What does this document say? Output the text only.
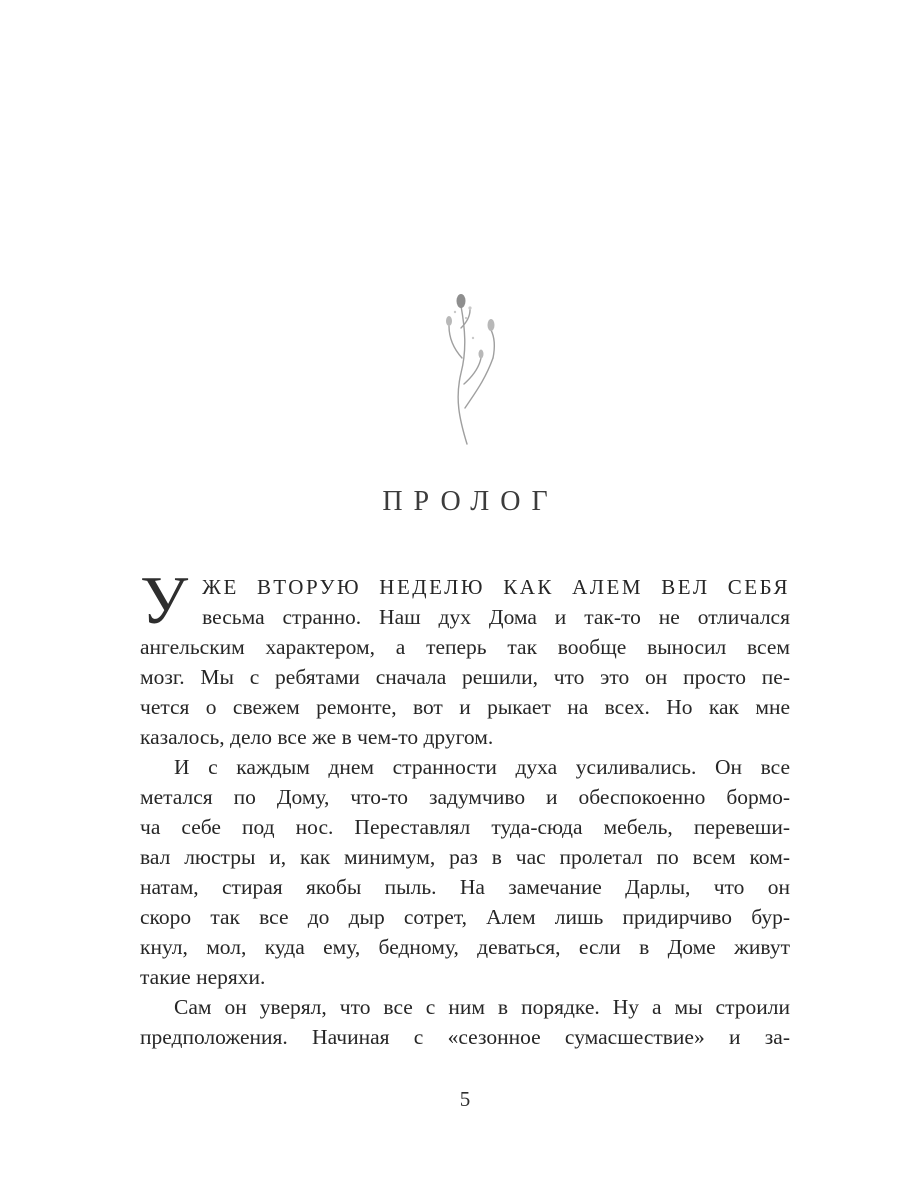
ПРОЛОГ
У ЖЕ ВТОРУЮ НЕДЕЛЮ КАК АЛЕМ ВЕЛ СЕБЯ
весьма странно. Наш дух Дома и так-то не отличался
ангельским характером, а теперь так вообще выносил всем
мозг. Мы с ребятами сначала решили, что это он просто пе-
чется о свежем ремонте, вот и рыкает на всех. Но как мне
казалось, дело все же в чем-то другом.
И с каждым днем странности духа усиливались. Он все
метался по Дому, что-то задумчиво и обеспокоенно бормо-
ча себе под нос. Переставлял туда-сюда мебель, перевеши-
вал люстры и, как минимум, раз в час пролетал по всем ком-
натам, стирая якобы пыль. На замечание Дарлы, что он
скоро так все до дыр сотрет, Алем лишь придирчиво бур-
кнул, мол, куда ему, бедному, деваться, если в Доме живут
такие неряхи.
Сам он уверял, что все с ним в порядке. Ну а мы строили
предположения. Начиная с «сезонное сумасшествие» и за-
5
